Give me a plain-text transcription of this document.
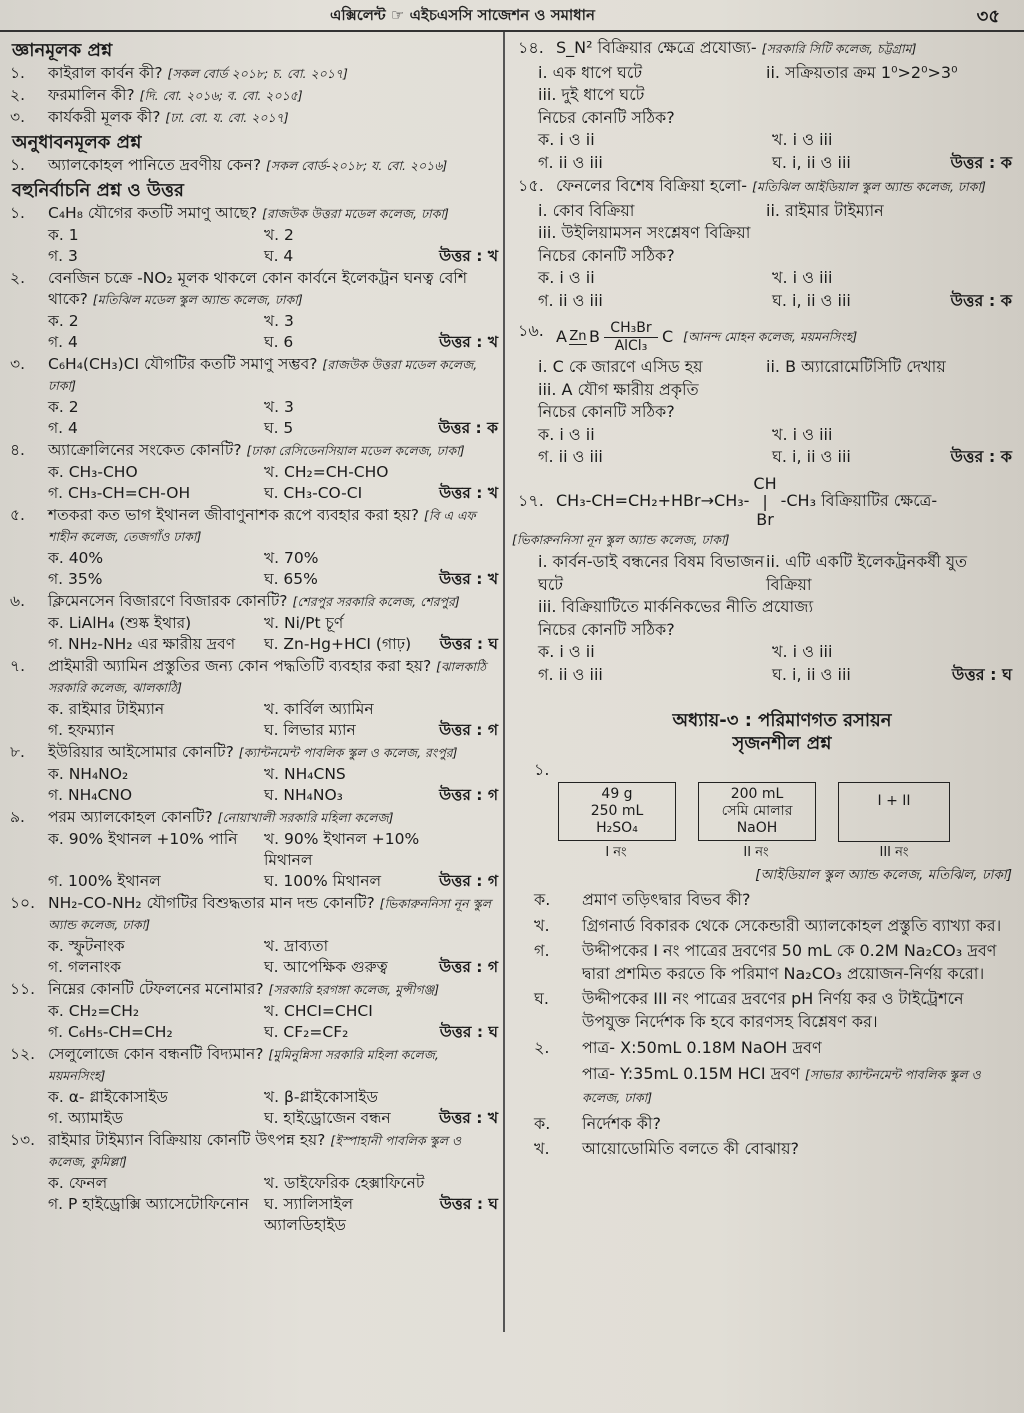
এক্সিলেন্ট ☞ এইচএসসি সাজেশন ও সমাধান	৩৫
জ্ঞানমূলক প্রশ্ন
১.	কাইরাল কার্বন কী? [সকল বোর্ড ২০১৮; চ. বো. ২০১৭]
২.	ফরমালিন কী? [দি. বো. ২০১৬; ব. বো. ২০১৫]
৩.	কার্যকরী মূলক কী? [ঢা. বো. য. বো. ২০১৭]
অনুধাবনমূলক প্রশ্ন
১.	অ্যালকোহল পানিতে দ্রবণীয় কেন? [সকল বোর্ড-২০১৮; য. বো. ২০১৬]
বহুনির্বাচনি প্রশ্ন ও উত্তর
১.	C₄H₈ যৌগের কতটি সমাণু আছে? [রাজউক উত্তরা মডেল কলেজ, ঢাকা]
ক. 1	খ. 2
গ. 3	ঘ. 4	উত্তর : খ
২.	বেনজিন চক্রে -NO₂ মূলক থাকলে কোন কার্বনে ইলেকট্রন ঘনত্ব বেশি থাকে? [মতিঝিল মডেল স্কুল অ্যান্ড কলেজ, ঢাকা]
ক. 2	খ. 3
গ. 4	ঘ. 6	উত্তর : খ
৩.	C₆H₄(CH₃)CI যৌগটির কতটি সমাণু সম্ভব? [রাজউক উত্তরা মডেল কলেজ, ঢাকা]
ক. 2	খ. 3
গ. 4	ঘ. 5	উত্তর : ক
৪.	অ্যাক্রোলিনের সংকেত কোনটি? [ঢাকা রেসিডেনসিয়াল মডেল কলেজ, ঢাকা]
ক. CH₃-CHO	খ. CH₂=CH-CHO
গ. CH₃-CH=CH-OH	ঘ. CH₃-CO-CI	উত্তর : খ
৫.	শতকরা কত ভাগ ইথানল জীবাণুনাশক রূপে ব্যবহার করা হয়? [বি এ এফ শাহীন কলেজ, তেজগাঁও ঢাকা]
ক. 40%	খ. 70%
গ. 35%	ঘ. 65%	উত্তর : খ
৬.	ক্লিমেনসেন বিজারণে বিজারক কোনটি? [শেরপুর সরকারি কলেজ, শেরপুর]
ক. LiAlH₄ (শুষ্ক ইথার)	খ. Ni/Pt চূর্ণ
গ. NH₂-NH₂ এর ক্ষারীয় দ্রবণ	ঘ. Zn-Hg+HCI (গাঢ়)	উত্তর : ঘ
৭.	প্রাইমারী অ্যামিন প্রস্তুতির জন্য কোন পদ্ধতিটি ব্যবহার করা হয়? [ঝালকাঠি সরকারি কলেজ, ঝালকাঠি]
ক. রাইমার টাইম্যান	খ. কার্বিল অ্যামিন
গ. হফম্যান	ঘ. লিভার ম্যান	উত্তর : গ
৮.	ইউরিয়ার আইসোমার কোনটি? [ক্যান্টনমেন্ট পাবলিক স্কুল ও কলেজ, রংপুর]
ক. NH₄NO₂	খ. NH₄CNS
গ. NH₄CNO	ঘ. NH₄NO₃	উত্তর : গ
৯.	পরম অ্যালকোহল কোনটি? [নোয়াখালী সরকারি মহিলা কলেজ]
ক. 90% ইথানল +10% পানি	খ. 90% ইথানল +10% মিথানল
গ. 100% ইথানল	ঘ. 100% মিথানল	উত্তর : গ
১০. NH₂-CO-NH₂ যৌগটির বিশুদ্ধতার মান দন্ড কোনটি? [ভিকারুননিসা নূন স্কুল অ্যান্ড কলেজ, ঢাকা]
ক. স্ফুটনাংক	খ. দ্রাব্যতা
গ. গলনাংক	ঘ. আপেক্ষিক গুরুত্ব	উত্তর : গ
১১. নিম্নের কোনটি টেফলনের মনোমার? [সরকারি হরগঙ্গা কলেজ, মুন্সীগঞ্জ]
ক. CH₂=CH₂	খ. CHCI=CHCI
গ. C₆H₅-CH=CH₂	ঘ. CF₂=CF₂	উত্তর : ঘ
১২. সেলুলোজে কোন বন্ধনটি বিদ্যমান? [মুমিনুন্নিসা সরকারি মহিলা কলেজ, ময়মনসিংহ]
ক. α- গ্লাইকোসাইড	খ. β-গ্লাইকোসাইড
গ. অ্যামাইড	ঘ. হাইড্রোজেন বন্ধন	উত্তর : খ
১৩. রাইমার টাইম্যান বিক্রিয়ায় কোনটি উৎপন্ন হয়? [ইস্পাহানী পাবলিক স্কুল ও কলেজ, কুমিল্লা]
ক. ফেনল	খ. ডাইফেরিক হেক্সাফিনেট
গ. P হাইড্রোক্সি অ্যাসেটোফিনোন ঘ. স্যালিসাইল অ্যালডিহাইড
উত্তর : ঘ
১৪. S_N² বিক্রিয়ার ক্ষেত্রে প্রযোজ্য- [সরকারি সিটি কলেজ, চট্টগ্রাম]
i. এক ধাপে ঘটে	ii. সক্রিয়তার ক্রম 1⁰>2⁰>3⁰
iii. দুই ধাপে ঘটে
নিচের কোনটি সঠিক?
ক. i ও ii	খ. i ও iii
গ. ii ও iii	ঘ. i, ii ও iii	উত্তর : ক
১৫. ফেনলের বিশেষ বিক্রিয়া হলো- [মতিঝিল আইডিয়াল স্কুল অ্যান্ড কলেজ, ঢাকা]
i. কোব বিক্রিয়া	ii. রাইমার টাইম্যান
iii. উইলিয়ামসন সংশ্লেষণ বিক্রিয়া
নিচের কোনটি সঠিক?
ক. i ও ii	খ. i ও iii
গ. ii ও iii	ঘ. i, ii ও iii	উত্তর : ক
১৬. A Zn B CH₃Br
AlCl₃ C [আনন্দ মোহন কলেজ, ময়মনসিংহ]
i. C কে জারণে এসিড হয়	ii. B অ্যারোমেটিসিটি দেখায়
iii. A যৌগ ক্ষারীয় প্রকৃতি
নিচের কোনটি সঠিক?
ক. i ও ii	খ. i ও iii
গ. ii ও iii	ঘ. i, ii ও iii	উত্তর : ক
১৭. CH₃-CH=CH₂+HBr→CH₃-
CH
|
Br
-CH₃ বিক্রিয়াটির ক্ষেত্রে-
[ভিকারুননিসা নূন স্কুল অ্যান্ড কলেজ, ঢাকা]
i. কার্বন-ডাই বন্ধনের বিষম বিভাজন ঘটে
ii. এটি একটি ইলেকট্রনকর্ষী যুত বিক্রিয়া
iii. বিক্রিয়াটিতে মার্কনিকভের নীতি প্রযোজ্য
নিচের কোনটি সঠিক?
ক. i ও ii	খ. i ও iii
গ. ii ও iii	ঘ. i, ii ও iii	উত্তর : ঘ
অধ্যায়-৩ : পরিমাণগত রসায়ন
সৃজনশীল প্রশ্ন
১.
49 g
250 mL
H₂SO₄
I নং
200 mL
সেমি মোলার
NaOH
II নং
I + II
III নং
[আইডিয়াল স্কুল অ্যান্ড কলেজ, মতিঝিল, ঢাকা]
ক.	প্রমাণ তড়িৎদ্বার বিভব কী?
খ.	গ্রিগনার্ড বিকারক থেকে সেকেন্ডারী অ্যালকোহল প্রস্তুতি ব্যাখ্যা কর।
গ.	উদ্দীপকের I নং পাত্রের দ্রবণের 50 mL কে 0.2M Na₂CO₃ দ্রবণ দ্বারা প্রশমিত করতে কি পরিমাণ Na₂CO₃ প্রয়োজন-নির্ণয় করো।
ঘ.	উদ্দীপকের III নং পাত্রের দ্রবণের pH নির্ণয় কর ও টাইট্রেশনে উপযুক্ত নির্দেশক কি হবে কারণসহ বিশ্লেষণ কর।
২.	পাত্র- X:50mL 0.18M NaOH দ্রবণ
পাত্র- Y:35mL 0.15M HCI দ্রবণ [সাভার ক্যান্টনমেন্ট পাবলিক স্কুল ও কলেজ, ঢাকা]
ক.	নির্দেশক কী?
খ.	আয়োডোমিতি বলতে কী বোঝায়?
